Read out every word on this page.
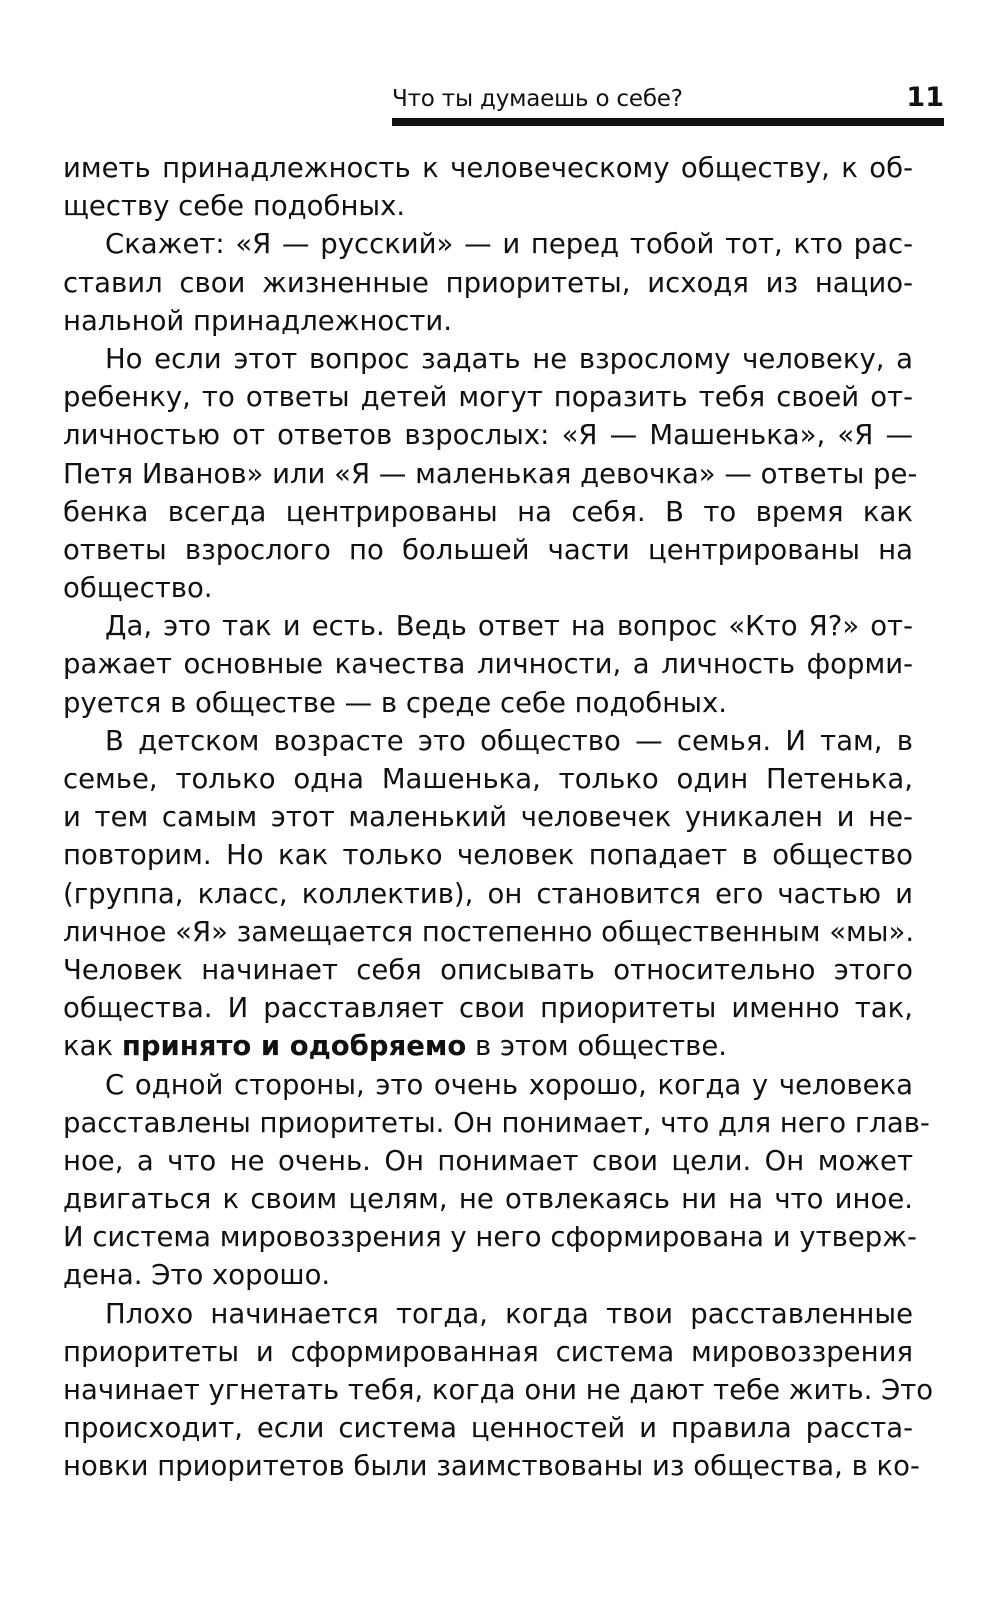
Что ты думаешь о себе?	11
иметь принадлежность к человеческому обществу, к об-
ществу себе подобных.
Скажет: «Я — русский» — и перед тобой тот, кто рас-
ставил свои жизненные приоритеты, исходя из нацио-
нальной принадлежности.
Но если этот вопрос задать не взрослому человеку, а
ребенку, то ответы детей могут поразить тебя своей от-
личностью от ответов взрослых: «Я — Машенька», «Я —
Петя Иванов» или «Я — маленькая девочка» — ответы ре-
бенка всегда центрированы на себя. В то время как
ответы взрослого по большей части центрированы на
общество.
Да, это так и есть. Ведь ответ на вопрос «Кто Я?» от-
ражает основные качества личности, а личность форми-
руется в обществе — в среде себе подобных.
В детском возрасте это общество — семья. И там, в
семье, только одна Машенька, только один Петенька,
и тем самым этот маленький человечек уникален и не-
повторим. Но как только человек попадает в общество
(группа, класс, коллектив), он становится его частью и
личное «Я» замещается постепенно общественным «мы».
Человек начинает себя описывать относительно этого
общества. И расставляет свои приоритеты именно так,
как принято и одобряемо в этом обществе.
С одной стороны, это очень хорошо, когда у человека
расставлены приоритеты. Он понимает, что для него глав-
ное, а что не очень. Он понимает свои цели. Он может
двигаться к своим целям, не отвлекаясь ни на что иное.
И система мировоззрения у него сформирована и утверж-
дена. Это хорошо.
Плохо начинается тогда, когда твои расставленные
приоритеты и сформированная система мировоззрения
начинает угнетать тебя, когда они не дают тебе жить. Это
происходит, если система ценностей и правила расста-
новки приоритетов были заимствованы из общества, в ко-
